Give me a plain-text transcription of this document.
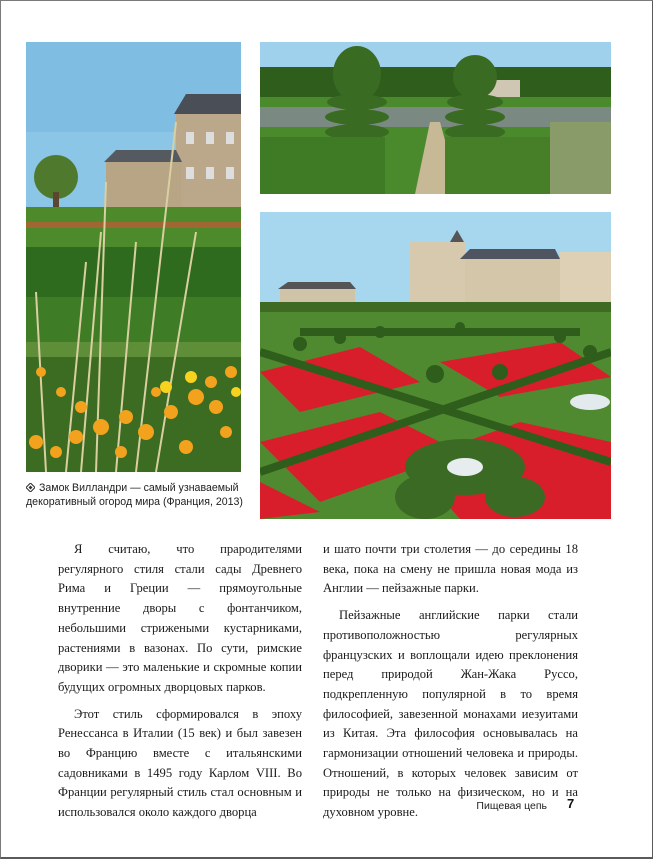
Замок Вилландри — самый узнаваемый декоративный огород мира (Франция, 2013)

Я считаю, что прародителями регулярного стиля стали сады Древнего Рима и Греции — прямоугольные внутренние дворы с фонтанчиком, небольшими стрижеными кустарниками, растениями в вазонах. По сути, римские дворики — это маленькие и скромные копии будущих огромных дворцовых парков.

Этот стиль сформировался в эпоху Ренессанса в Италии (15 век) и был завезен во Францию вместе с итальянскими садовниками в 1495 году Карлом VIII. Во Франции регулярный стиль стал основным и использовался около каждого дворца

и шато почти три столетия — до середины 18 века, пока на смену не пришла новая мода из Англии — пейзажные парки.

Пейзажные английские парки стали противоположностью регулярных французских и воплощали идею преклонения перед природой Жан-Жака Руссо, подкрепленную популярной в то время философией, завезенной монахами иезуитами из Китая. Эта философия основывалась на гармонизации отношений человека и природы. Отношений, в которых человек зависим от природы не только на физическом, но и на духовном уровне.	Пищевая цепь 7
